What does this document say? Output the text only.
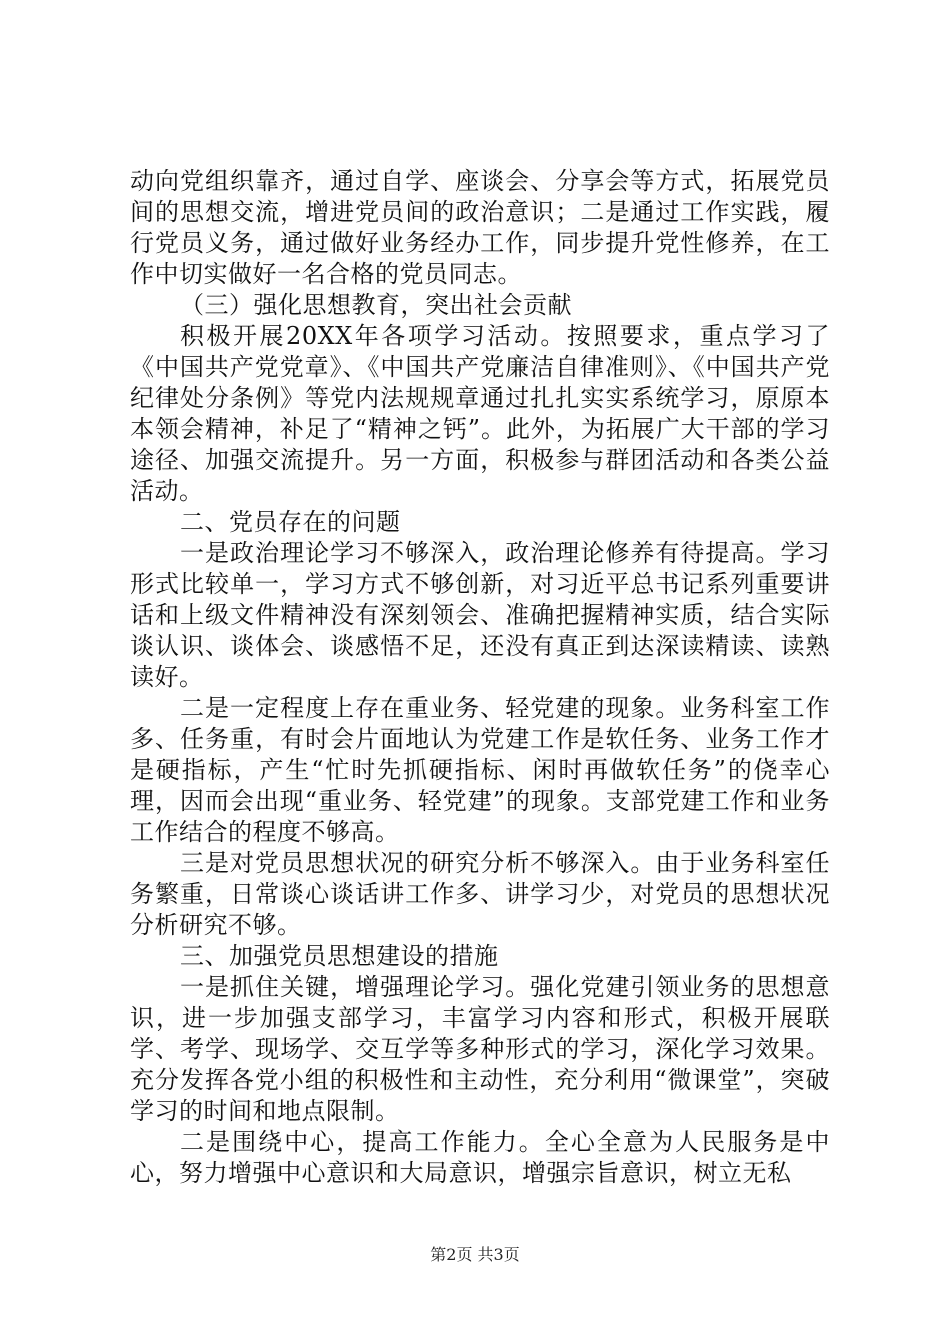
动向党组织靠齐，通过自学、座谈会、分享会等方式，拓展党员间的思想交流，增进党员间的政治意识；二是通过工作实践，履行党员义务，通过做好业务经办工作，同步提升党性修养，在工作中切实做好一名合格的党员同志。

（三）强化思想教育，突出社会贡献

积极开展20XX年各项学习活动。按照要求，重点学习了《中国共产党党章》、《中国共产党廉洁自律准则》、《中国共产党纪律处分条例》等党内法规规章通过扎扎实实系统学习，原原本本领会精神，补足了“精神之钙”。此外，为拓展广大干部的学习途径、加强交流提升。另一方面，积极参与群团活动和各类公益活动。

二、党员存在的问题

一是政治理论学习不够深入，政治理论修养有待提高。学习形式比较单一，学习方式不够创新，对习近平总书记系列重要讲话和上级文件精神没有深刻领会、准确把握精神实质，结合实际谈认识、谈体会、谈感悟不足，还没有真正到达深读精读、读熟读好。

二是一定程度上存在重业务、轻党建的现象。业务科室工作多、任务重，有时会片面地认为党建工作是软任务、业务工作才是硬指标，产生“忙时先抓硬指标、闲时再做软任务”的侥幸心理，因而会出现“重业务、轻党建”的现象。支部党建工作和业务工作结合的程度不够高。

三是对党员思想状况的研究分析不够深入。由于业务科室任务繁重，日常谈心谈话讲工作多、讲学习少，对党员的思想状况分析研究不够。

三、加强党员思想建设的措施

一是抓住关键，增强理论学习。强化党建引领业务的思想意识，进一步加强支部学习，丰富学习内容和形式，积极开展联学、考学、现场学、交互学等多种形式的学习，深化学习效果。充分发挥各党小组的积极性和主动性，充分利用“微课堂”，突破学习的时间和地点限制。

二是围绕中心，提高工作能力。全心全意为人民服务是中心，努力增强中心意识和大局意识，增强宗旨意识，树立无私

第2页 共3页
